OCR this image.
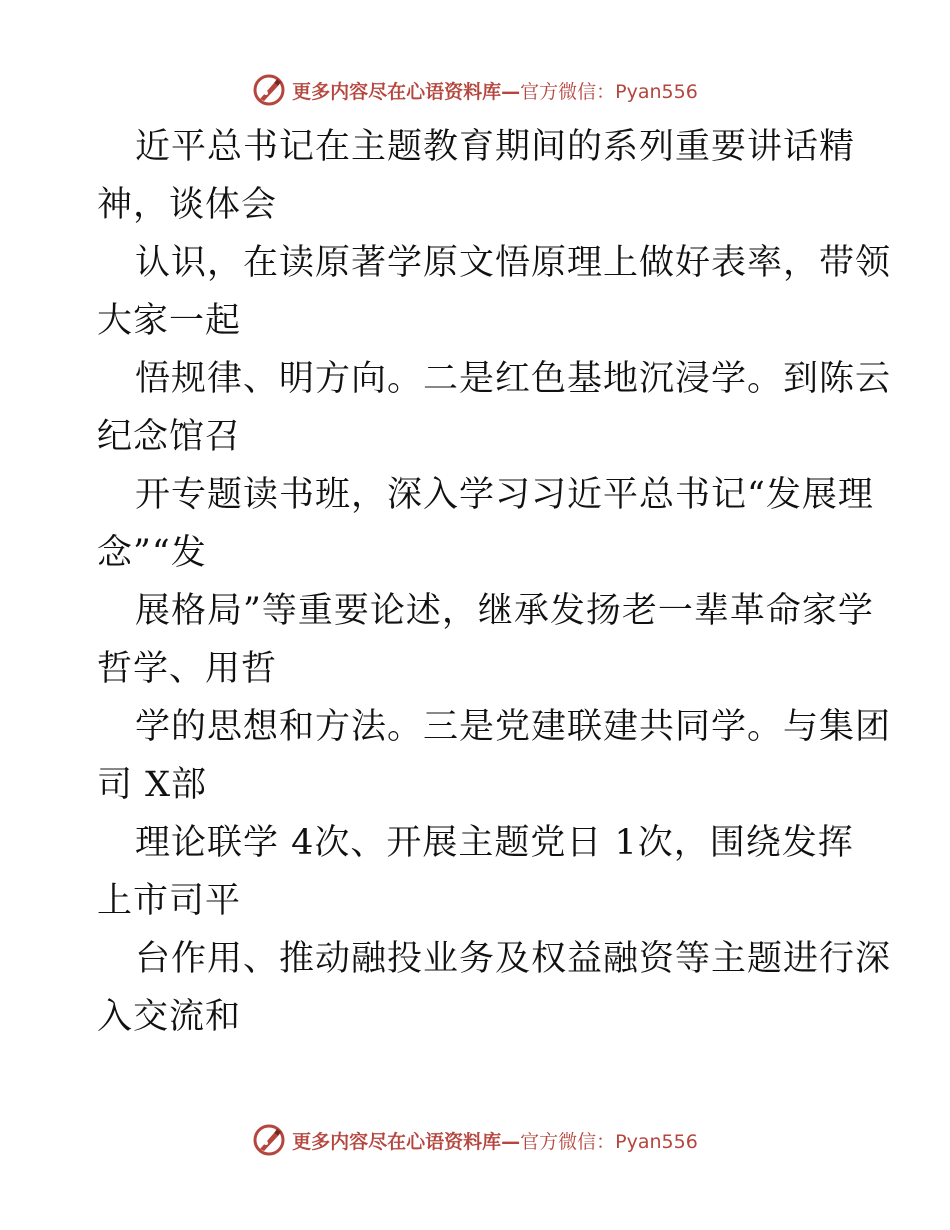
更多内容尽在心语资料库—官方微信：Pyan556
近平总书记在主题教育期间的系列重要讲话精
神，谈体会
认识，在读原著学原文悟原理上做好表率，带领
大家一起
悟规律、明方向。二是红色基地沉浸学。到陈云
纪念馆召
开专题读书班，深入学习习近平总书记“发展理
念”“发
展格局”等重要论述，继承发扬老一辈革命家学
哲学、用哲
学的思想和方法。三是党建联建共同学。与集团
司 X部
理论联学 4次、开展主题党日 1次，围绕发挥
上市司平
台作用、推动融投业务及权益融资等主题进行深
入交流和
更多内容尽在心语资料库—官方微信：Pyan556
